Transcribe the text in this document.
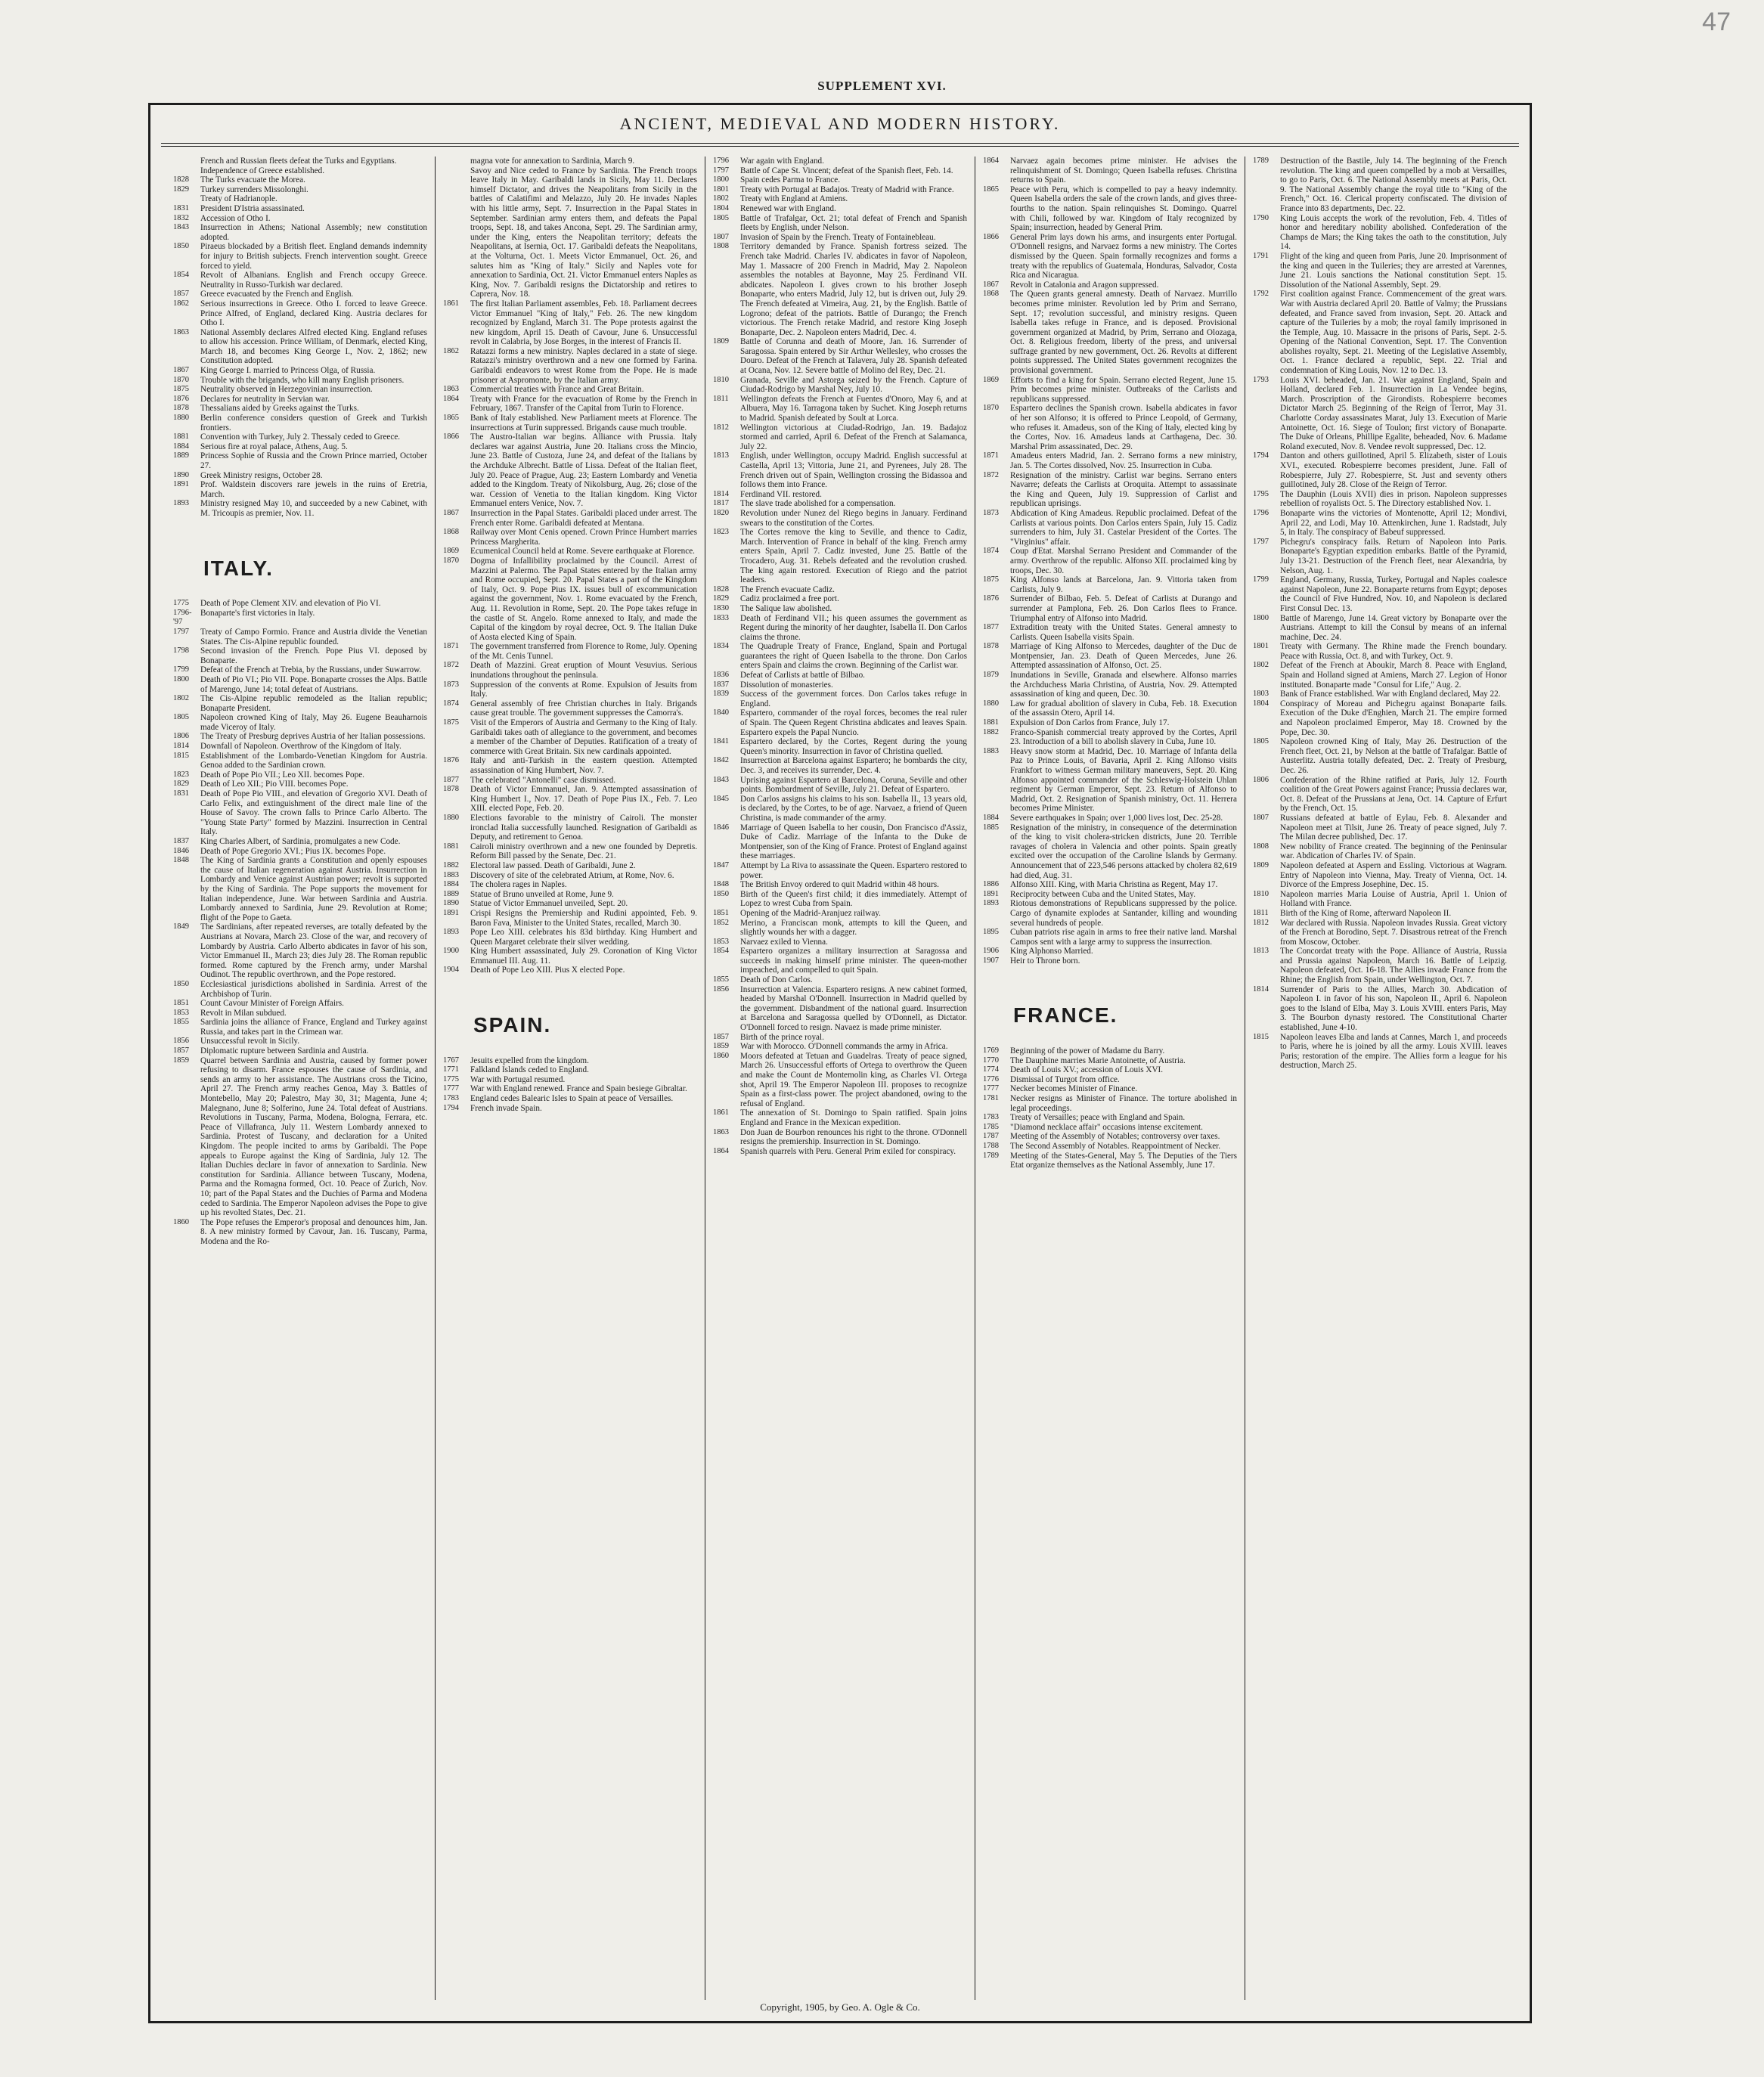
47
SUPPLEMENT XVI.
ANCIENT, MEDIEVAL AND MODERN HISTORY.
French and Russian fleets defeat the Turks and Egyptians.
Independence of Greece established.
1828	The Turks evacuate the Morea.
1829	Turkey surrenders Missolonghi.
Treaty of Hadrianople.
1831	President D'Istria assassinated.
1832	Accession of Otho I.
1843	Insurrection in Athens; National Assembly; new constitution adopted.
1850	Piraeus blockaded by a British fleet. England demands indemnity for injury to British subjects. French intervention sought. Greece forced to yield.
1854	Revolt of Albanians. English and French occupy Greece. Neutrality in Russo-Turkish war declared.
1857	Greece evacuated by the French and English.
1862	Serious insurrections in Greece. Otho I. forced to leave Greece. Prince Alfred, of England, declared King. Austria declares for Otho I.
1863	National Assembly declares Alfred elected King. England refuses to allow his accession. Prince William, of Denmark, elected King, March 18, and becomes King George I., Nov. 2, 1862; new Constitution adopted.
1867	King George I. married to Princess Olga, of Russia.
1870	Trouble with the brigands, who kill many English prisoners.
1875	Neutrality observed in Herzegovinian insurrection.
1876	Declares for neutrality in Servian war.
1878	Thessalians aided by Greeks against the Turks.
1880	Berlin conference considers question of Greek and Turkish frontiers.
1881	Convention with Turkey, July 2. Thessaly ceded to Greece.
1884	Serious fire at royal palace, Athens, Aug. 5.
1889	Princess Sophie of Russia and the Crown Prince married, October 27.
1890	Greek Ministry resigns, October 28.
1891	Prof. Waldstein discovers rare jewels in the ruins of Eretria, March.
1893	Ministry resigned May 10, and succeeded by a new Cabinet, with M. Tricoupis as premier, Nov. 11.
ITALY.
1775	Death of Pope Clement XIV. and elevation of Pio VI.
1796-'97
Bonaparte's first victories in Italy.
1797	Treaty of Campo Formio. France and Austria divide the Venetian States. The Cis-Alpine republic founded.
1798	Second invasion of the French. Pope Pius VI. deposed by Bonaparte.
1799	Defeat of the French at Trebia, by the Russians, under Suwarrow.
1800	Death of Pio VI.; Pio VII. Pope. Bonaparte crosses the Alps. Battle of Marengo, June 14; total defeat of Austrians.
1802	The Cis-Alpine republic remodeled as the Italian republic; Bonaparte President.
1805	Napoleon crowned King of Italy, May 26. Eugene Beauharnois made Viceroy of Italy.
1806	The Treaty of Presburg deprives Austria of her Italian possessions.
1814	Downfall of Napoleon. Overthrow of the Kingdom of Italy.
1815	Establishment of the Lombardo-Venetian Kingdom for Austria. Genoa added to the Sardinian crown.
1823	Death of Pope Pio VII.; Leo XII. becomes Pope.
1829	Death of Leo XII.; Pio VIII. becomes Pope.
1831	Death of Pope Pio VIII., and elevation of Gregorio XVI. Death of Carlo Felix, and extinguishment of the direct male line of the House of Savoy. The crown falls to Prince Carlo Alberto. The "Young State Party" formed by Mazzini. Insurrection in Central Italy.
1837	King Charles Albert, of Sardinia, promulgates a new Code.
1846	Death of Pope Gregorio XVI.; Pius IX. becomes Pope.
1848	The King of Sardinia grants a Constitution and openly espouses the cause of Italian regeneration against Austria. Insurrection in Lombardy and Venice against Austrian power; revolt is supported by the King of Sardinia. The Pope supports the movement for Italian independence, June. War between Sardinia and Austria. Lombardy annexed to Sardinia, June 29. Revolution at Rome; flight of the Pope to Gaeta.
1849	The Sardinians, after repeated reverses, are totally defeated by the Austrians at Novara, March 23. Close of the war, and recovery of Lombardy by Austria. Carlo Alberto abdicates in favor of his son, Victor Emmanuel II., March 23; dies July 28. The Roman republic formed. Rome captured by the French army, under Marshal Oudinot. The republic overthrown, and the Pope restored.
1850	Ecclesiastical jurisdictions abolished in Sardinia. Arrest of the Archbishop of Turin.
1851	Count Cavour Minister of Foreign Affairs.
1853	Revolt in Milan subdued.
1855	Sardinia joins the alliance of France, England and Turkey against Russia, and takes part in the Crimean war.
1856	Unsuccessful revolt in Sicily.
1857	Diplomatic rupture between Sardinia and Austria.
1859	Quarrel between Sardinia and Austria, caused by former power refusing to disarm. France espouses the cause of Sardinia, and sends an army to her assistance. The Austrians cross the Ticino, April 27. The French army reaches Genoa, May 3. Battles of Montebello, May 20; Palestro, May 30, 31; Magenta, June 4; Malegnano, June 8; Solferino, June 24. Total defeat of Austrians. Revolutions in Tuscany, Parma, Modena, Bologna, Ferrara, etc. Peace of Villafranca, July 11. Western Lombardy annexed to Sardinia. Protest of Tuscany, and declaration for a United Kingdom. The people incited to arms by Garibaldi. The Pope appeals to Europe against the King of Sardinia, July 12. The Italian Duchies declare in favor of annexation to Sardinia. New constitution for Sardinia. Alliance between Tuscany, Modena, Parma and the Romagna formed, Oct. 10. Peace of Zurich, Nov. 10; part of the Papal States and the Duchies of Parma and Modena ceded to Sardinia. The Emperor Napoleon advises the Pope to give up his revolted States, Dec. 21.
1860	The Pope refuses the Emperor's proposal and denounces him, Jan. 8. A new ministry formed by Cavour, Jan. 16. Tuscany, Parma, Modena and the Ro-
magna vote for annexation to Sardinia, March 9.
Savoy and Nice ceded to France by Sardinia. The French troops leave Italy in May. Garibaldi lands in Sicily, May 11. Declares himself Dictator, and drives the Neapolitans from Sicily in the battles of Calatifimi and Melazzo, July 20. He invades Naples with his little army, Sept. 7. Insurrection in the Papal States in September. Sardinian army enters them, and defeats the Papal troops, Sept. 18, and takes Ancona, Sept. 29. The Sardinian army, under the King, enters the Neapolitan territory; defeats the Neapolitans, at Isernia, Oct. 17. Garibaldi defeats the Neapolitans, at the Volturna, Oct. 1. Meets Victor Emmanuel, Oct. 26, and salutes him as "King of Italy." Sicily and Naples vote for annexation to Sardinia, Oct. 21. Victor Emmanuel enters Naples as King, Nov. 7. Garibaldi resigns the Dictatorship and retires to Caprera, Nov. 18.
1861	The first Italian Parliament assembles, Feb. 18. Parliament decrees Victor Emmanuel "King of Italy," Feb. 26. The new kingdom recognized by England, March 31. The Pope protests against the new kingdom, April 15. Death of Cavour, June 6. Unsuccessful revolt in Calabria, by Jose Borges, in the interest of Francis II.
1862	Ratazzi forms a new ministry. Naples declared in a state of siege. Ratazzi's ministry overthrown and a new one formed by Farina. Garibaldi endeavors to wrest Rome from the Pope. He is made prisoner at Aspromonte, by the Italian army.
1863	Commercial treaties with France and Great Britain.
1864	Treaty with France for the evacuation of Rome by the French in February, 1867. Transfer of the Capital from Turin to Florence.
1865	Bank of Italy established. New Parliament meets at Florence. The insurrections at Turin suppressed. Brigands cause much trouble.
1866	The Austro-Italian war begins. Alliance with Prussia. Italy declares war against Austria, June 20. Italians cross the Mincio, June 23. Battle of Custoza, June 24, and defeat of the Italians by the Archduke Albrecht. Battle of Lissa. Defeat of the Italian fleet, July 20. Peace of Prague, Aug. 23; Eastern Lombardy and Venetia added to the Kingdom. Treaty of Nikolsburg, Aug. 26; close of the war. Cession of Venetia to the Italian kingdom. King Victor Emmanuel enters Venice, Nov. 7.
1867	Insurrection in the Papal States. Garibaldi placed under arrest. The French enter Rome. Garibaldi defeated at Mentana.
1868	Railway over Mont Cenis opened. Crown Prince Humbert marries Princess Margherita.
1869	Ecumenical Council held at Rome. Severe earthquake at Florence.
1870	Dogma of Infallibility proclaimed by the Council. Arrest of Mazzini at Palermo. The Papal States entered by the Italian army and Rome occupied, Sept. 20. Papal States a part of the Kingdom of Italy, Oct. 9. Pope Pius IX. issues bull of excommunication against the government, Nov. 1. Rome evacuated by the French, Aug. 11. Revolution in Rome, Sept. 20. The Pope takes refuge in the castle of St. Angelo. Rome annexed to Italy, and made the Capital of the kingdom by royal decree, Oct. 9. The Italian Duke of Aosta elected King of Spain.
1871	The government transferred from Florence to Rome, July. Opening of the Mt. Cenis Tunnel.
1872	Death of Mazzini. Great eruption of Mount Vesuvius. Serious inundations throughout the peninsula.
1873	Suppression of the convents at Rome. Expulsion of Jesuits from Italy.
1874	General assembly of free Christian churches in Italy. Brigands cause great trouble. The government suppresses the Camorra's.
1875	Visit of the Emperors of Austria and Germany to the King of Italy. Garibaldi takes oath of allegiance to the government, and becomes a member of the Chamber of Deputies. Ratification of a treaty of commerce with Great Britain. Six new cardinals appointed.
1876	Italy and anti-Turkish in the eastern question. Attempted assassination of King Humbert, Nov. 7.
1877	The celebrated "Antonelli" case dismissed.
1878	Death of Victor Emmanuel, Jan. 9. Attempted assassination of King Humbert I., Nov. 17. Death of Pope Pius IX., Feb. 7. Leo XIII. elected Pope, Feb. 20.
1880	Elections favorable to the ministry of Cairoli. The monster ironclad Italia successfully launched. Resignation of Garibaldi as Deputy, and retirement to Genoa.
1881	Cairoli ministry overthrown and a new one founded by Depretis. Reform Bill passed by the Senate, Dec. 21.
1882	Electoral law passed. Death of Garibaldi, June 2.
1883	Discovery of site of the celebrated Atrium, at Rome, Nov. 6.
1884	The cholera rages in Naples.
1889	Statue of Bruno unveiled at Rome, June 9.
1890	Statue of Victor Emmanuel unveiled, Sept. 20.
1891	Crispi Resigns the Premiership and Rudini appointed, Feb. 9. Baron Fava, Minister to the United States, recalled, March 30.
1893	Pope Leo XIII. celebrates his 83d birthday. King Humbert and Queen Margaret celebrate their silver wedding.
1900	King Humbert assassinated, July 29. Coronation of King Victor Emmanuel III. Aug. 11.
1904	Death of Pope Leo XIII. Pius X elected Pope.
SPAIN.
1767	Jesuits expelled from the kingdom.
1771	Falkland Islands ceded to England.
1775	War with Portugal resumed.
1777	War with England renewed. France and Spain besiege Gibraltar.
1783	England cedes Balearic Isles to Spain at peace of Versailles.
1794	French invade Spain.
1796	War again with England.
1797	Battle of Cape St. Vincent; defeat of the Spanish fleet, Feb. 14.
1800	Spain cedes Parma to France.
1801	Treaty with Portugal at Badajos. Treaty of Madrid with France.
1802	Treaty with England at Amiens.
1804	Renewed war with England.
1805	Battle of Trafalgar, Oct. 21; total defeat of French and Spanish fleets by English, under Nelson.
1807	Invasion of Spain by the French. Treaty of Fontainebleau.
1808	Territory demanded by France. Spanish fortress seized. The French take Madrid. Charles IV. abdicates in favor of Napoleon, May 1. Massacre of 200 French in Madrid, May 2. Napoleon assembles the notables at Bayonne, May 25. Ferdinand VII. abdicates. Napoleon I. gives crown to his brother Joseph Bonaparte, who enters Madrid, July 12, but is driven out, July 29. The French defeated at Vimeira, Aug. 21, by the English. Battle of Logrono; defeat of the patriots. Battle of Durango; the French victorious. The French retake Madrid, and restore King Joseph Bonaparte, Dec. 2. Napoleon enters Madrid, Dec. 4.
1809	Battle of Corunna and death of Moore, Jan. 16. Surrender of Saragossa. Spain entered by Sir Arthur Wellesley, who crosses the Douro. Defeat of the French at Talavera, July 28. Spanish defeated at Ocana, Nov. 12. Severe battle of Molino del Rey, Dec. 21.
1810	Granada, Seville and Astorga seized by the French. Capture of Ciudad-Rodrigo by Marshal Ney, July 10.
1811	Wellington defeats the French at Fuentes d'Onoro, May 6, and at Albuera, May 16. Tarragona taken by Suchet. King Joseph returns to Madrid. Spanish defeated by Soult at Lorca.
1812	Wellington victorious at Ciudad-Rodrigo, Jan. 19. Badajoz stormed and carried, April 6. Defeat of the French at Salamanca, July 22.
1813	English, under Wellington, occupy Madrid. English successful at Castella, April 13; Vittoria, June 21, and Pyrenees, July 28. The French driven out of Spain, Wellington crossing the Bidassoa and follows them into France.
1814	Ferdinand VII. restored.
1817	The slave trade abolished for a compensation.
1820	Revolution under Nunez del Riego begins in January. Ferdinand swears to the constitution of the Cortes.
1823	The Cortes remove the king to Seville, and thence to Cadiz, March. Intervention of France in behalf of the king. French army enters Spain, April 7. Cadiz invested, June 25. Battle of the Trocadero, Aug. 31. Rebels defeated and the revolution crushed. The king again restored. Execution of Riego and the patriot leaders.
1828	The French evacuate Cadiz.
1829	Cadiz proclaimed a free port.
1830	The Salique law abolished.
1833	Death of Ferdinand VII.; his queen assumes the government as Regent during the minority of her daughter, Isabella II. Don Carlos claims the throne.
1834	The Quadruple Treaty of France, England, Spain and Portugal guarantees the right of Queen Isabella to the throne. Don Carlos enters Spain and claims the crown. Beginning of the Carlist war.
1836	Defeat of Carlists at battle of Bilbao.
1837	Dissolution of monasteries.
1839	Success of the government forces. Don Carlos takes refuge in England.
1840	Espartero, commander of the royal forces, becomes the real ruler of Spain. The Queen Regent Christina abdicates and leaves Spain. Espartero expels the Papal Nuncio.
1841	Espartero declared, by the Cortes, Regent during the young Queen's minority. Insurrection in favor of Christina quelled.
1842	Insurrection at Barcelona against Espartero; he bombards the city, Dec. 3, and receives its surrender, Dec. 4.
1843	Uprising against Espartero at Barcelona, Coruna, Seville and other points. Bombardment of Seville, July 21. Defeat of Espartero.
1845	Don Carlos assigns his claims to his son. Isabella II., 13 years old, is declared, by the Cortes, to be of age. Narvaez, a friend of Queen Christina, is made commander of the army.
1846	Marriage of Queen Isabella to her cousin, Don Francisco d'Assiz, Duke of Cadiz. Marriage of the Infanta to the Duke de Montpensier, son of the King of France. Protest of England against these marriages.
1847	Attempt by La Riva to assassinate the Queen. Espartero restored to power.
1848	The British Envoy ordered to quit Madrid within 48 hours.
1850	Birth of the Queen's first child; it dies immediately. Attempt of Lopez to wrest Cuba from Spain.
1851	Opening of the Madrid-Aranjuez railway.
1852	Merino, a Franciscan monk, attempts to kill the Queen, and slightly wounds her with a dagger.
1853	Narvaez exiled to Vienna.
1854	Espartero organizes a military insurrection at Saragossa and succeeds in making himself prime minister. The queen-mother impeached, and compelled to quit Spain.
1855	Death of Don Carlos.
1856	Insurrection at Valencia. Espartero resigns. A new cabinet formed, headed by Marshal O'Donnell. Insurrection in Madrid quelled by the government. Disbandment of the national guard. Insurrection at Barcelona and Saragossa quelled by O'Donnell, as Dictator. O'Donnell forced to resign. Navaez is made prime minister.
1857	Birth of the prince royal.
1859	War with Morocco. O'Donnell commands the army in Africa.
1860	Moors defeated at Tetuan and Guadelras. Treaty of peace signed, March 26. Unsuccessful efforts of Ortega to overthrow the Queen and make the Count de Montemolin king, as Charles VI. Ortega shot, April 19. The Emperor Napoleon III. proposes to recognize Spain as a first-class power. The project abandoned, owing to the refusal of England.
1861	The annexation of St. Domingo to Spain ratified. Spain joins England and France in the Mexican expedition.
1863	Don Juan de Bourbon renounces his right to the throne. O'Donnell resigns the premiership. Insurrection in St. Domingo.
1864	Spanish quarrels with Peru. General Prim exiled for conspiracy.
1864	Narvaez again becomes prime minister. He advises the relinquishment of St. Domingo; Queen Isabella refuses. Christina returns to Spain.
1865	Peace with Peru, which is compelled to pay a heavy indemnity. Queen Isabella orders the sale of the crown lands, and gives three-fourths to the nation. Spain relinquishes St. Domingo. Quarrel with Chili, followed by war. Kingdom of Italy recognized by Spain; insurrection, headed by General Prim.
1866	General Prim lays down his arms, and insurgents enter Portugal. O'Donnell resigns, and Narvaez forms a new ministry. The Cortes dismissed by the Queen. Spain formally recognizes and forms a treaty with the republics of Guatemala, Honduras, Salvador, Costa Rica and Nicaragua.
1867	Revolt in Catalonia and Aragon suppressed.
1868	The Queen grants general amnesty. Death of Narvaez. Murrillo becomes prime minister. Revolution led by Prim and Serrano, Sept. 17; revolution successful, and ministry resigns. Queen Isabella takes refuge in France, and is deposed. Provisional government organized at Madrid, by Prim, Serrano and Olozaga, Oct. 8. Religious freedom, liberty of the press, and universal suffrage granted by new government, Oct. 26. Revolts at different points suppressed. The United States government recognizes the provisional government.
1869	Efforts to find a king for Spain. Serrano elected Regent, June 15. Prim becomes prime minister. Outbreaks of the Carlists and republicans suppressed.
1870	Espartero declines the Spanish crown. Isabella abdicates in favor of her son Alfonso; it is offered to Prince Leopold, of Germany, who refuses it. Amadeus, son of the King of Italy, elected king by the Cortes, Nov. 16. Amadeus lands at Carthagena, Dec. 30. Marshal Prim assassinated, Dec. 29.
1871	Amadeus enters Madrid, Jan. 2. Serrano forms a new ministry, Jan. 5. The Cortes dissolved, Nov. 25. Insurrection in Cuba.
1872	Resignation of the ministry. Carlist war begins. Serrano enters Navarre; defeats the Carlists at Oroquita. Attempt to assassinate the King and Queen, July 19. Suppression of Carlist and republican uprisings.
1873	Abdication of King Amadeus. Republic proclaimed. Defeat of the Carlists at various points. Don Carlos enters Spain, July 15. Cadiz surrenders to him, July 31. Castelar President of the Cortes. The "Virginius" affair.
1874	Coup d'Etat. Marshal Serrano President and Commander of the army. Overthrow of the republic. Alfonso XII. proclaimed king by troops, Dec. 30.
1875	King Alfonso lands at Barcelona, Jan. 9. Vittoria taken from Carlists, July 9.
1876	Surrender of Bilbao, Feb. 5. Defeat of Carlists at Durango and surrender at Pamplona, Feb. 26. Don Carlos flees to France. Triumphal entry of Alfonso into Madrid.
1877	Extradition treaty with the United States. General amnesty to Carlists. Queen Isabella visits Spain.
1878	Marriage of King Alfonso to Mercedes, daughter of the Duc de Montpensier, Jan. 23. Death of Queen Mercedes, June 26. Attempted assassination of Alfonso, Oct. 25.
1879	Inundations in Seville, Granada and elsewhere. Alfonso marries the Archduchess Maria Christina, of Austria, Nov. 29. Attempted assassination of king and queen, Dec. 30.
1880	Law for gradual abolition of slavery in Cuba, Feb. 18. Execution of the assassin Otero, April 14.
1881	Expulsion of Don Carlos from France, July 17.
1882	Franco-Spanish commercial treaty approved by the Cortes, April 23. Introduction of a bill to abolish slavery in Cuba, June 10.
1883	Heavy snow storm at Madrid, Dec. 10. Marriage of Infanta della Paz to Prince Louis, of Bavaria, April 2. King Alfonso visits Frankfort to witness German military maneuvers, Sept. 20. King Alfonso appointed commander of the Schleswig-Holstein Uhlan regiment by German Emperor, Sept. 23. Return of Alfonso to Madrid, Oct. 2. Resignation of Spanish ministry, Oct. 11. Herrera becomes Prime Minister.
1884	Severe earthquakes in Spain; over 1,000 lives lost, Dec. 25-28.
1885	Resignation of the ministry, in consequence of the determination of the king to visit cholera-stricken districts, June 20. Terrible ravages of cholera in Valencia and other points. Spain greatly excited over the occupation of the Caroline Islands by Germany. Announcement that of 223,546 persons attacked by cholera 82,619 had died, Aug. 31.
1886	Alfonso XIII. King, with Maria Christina as Regent, May 17.
1891	Reciprocity between Cuba and the United States, May.
1893	Riotous demonstrations of Republicans suppressed by the police. Cargo of dynamite explodes at Santander, killing and wounding several hundreds of people.
1895	Cuban patriots rise again in arms to free their native land. Marshal Campos sent with a large army to suppress the insurrection.
1906	King Alphonso Married.
1907	Heir to Throne born.
FRANCE.
1769	Beginning of the power of Madame du Barry.
1770	The Dauphine marries Marie Antoinette, of Austria.
1774	Death of Louis XV.; accession of Louis XVI.
1776	Dismissal of Turgot from office.
1777	Necker becomes Minister of Finance.
1781	Necker resigns as Minister of Finance. The torture abolished in legal proceedings.
1783	Treaty of Versailles; peace with England and Spain.
1785	"Diamond necklace affair" occasions intense excitement.
1787	Meeting of the Assembly of Notables; controversy over taxes.
1788	The Second Assembly of Notables. Reappointment of Necker.
1789	Meeting of the States-General, May 5. The Deputies of the Tiers Etat organize themselves as the National Assembly, June 17.
1789	Destruction of the Bastile, July 14. The beginning of the French revolution. The king and queen compelled by a mob at Versailles, to go to Paris, Oct. 6. The National Assembly meets at Paris, Oct. 9. The National Assembly change the royal title to "King of the French," Oct. 16. Clerical property confiscated. The division of France into 83 departments, Dec. 22.
1790	King Louis accepts the work of the revolution, Feb. 4. Titles of honor and hereditary nobility abolished. Confederation of the Champs de Mars; the King takes the oath to the constitution, July 14.
1791	Flight of the king and queen from Paris, June 20. Imprisonment of the king and queen in the Tuileries; they are arrested at Varennes, June 21. Louis sanctions the National constitution Sept. 15. Dissolution of the National Assembly, Sept. 29.
1792	First coalition against France. Commencement of the great wars. War with Austria declared April 20. Battle of Valmy; the Prussians defeated, and France saved from invasion, Sept. 20. Attack and capture of the Tuileries by a mob; the royal family imprisoned in the Temple, Aug. 10. Massacre in the prisons of Paris, Sept. 2-5. Opening of the National Convention, Sept. 17. The Convention abolishes royalty, Sept. 21. Meeting of the Legislative Assembly, Oct. 1. France declared a republic, Sept. 22. Trial and condemnation of King Louis, Nov. 12 to Dec. 13.
1793	Louis XVI. beheaded, Jan. 21. War against England, Spain and Holland, declared Feb. 1. Insurrection in La Vendee begins, March. Proscription of the Girondists. Robespierre becomes Dictator March 25. Beginning of the Reign of Terror, May 31. Charlotte Corday assassinates Marat, July 13. Execution of Marie Antoinette, Oct. 16. Siege of Toulon; first victory of Bonaparte. The Duke of Orleans, Phillipe Egalite, beheaded, Nov. 6. Madame Roland executed, Nov. 8. Vendee revolt suppressed, Dec. 12.
1794	Danton and others guillotined, April 5. Elizabeth, sister of Louis XVI., executed. Robespierre becomes president, June. Fall of Robespierre, July 27. Robespierre, St. Just and seventy others guillotined, July 28. Close of the Reign of Terror.
1795	The Dauphin (Louis XVII) dies in prison. Napoleon suppresses rebellion of royalists Oct. 5. The Directory established Nov. 1.
1796	Bonaparte wins the victories of Montenotte, April 12; Mondivi, April 22, and Lodi, May 10. Attenkirchen, June 1. Radstadt, July 5, in Italy. The conspiracy of Babeuf suppressed.
1797	Pichegru's conspiracy fails. Return of Napoleon into Paris. Bonaparte's Egyptian expedition embarks. Battle of the Pyramid, July 13-21. Destruction of the French fleet, near Alexandria, by Nelson, Aug. 1.
1799	England, Germany, Russia, Turkey, Portugal and Naples coalesce against Napoleon, June 22. Bonaparte returns from Egypt; deposes the Council of Five Hundred, Nov. 10, and Napoleon is declared First Consul Dec. 13.
1800	Battle of Marengo, June 14. Great victory by Bonaparte over the Austrians. Attempt to kill the Consul by means of an infernal machine, Dec. 24.
1801	Treaty with Germany. The Rhine made the French boundary. Peace with Russia, Oct. 8, and with Turkey, Oct. 9.
1802	Defeat of the French at Aboukir, March 8. Peace with England, Spain and Holland signed at Amiens, March 27. Legion of Honor instituted. Bonaparte made "Consul for Life," Aug. 2.
1803	Bank of France established. War with England declared, May 22.
1804	Conspiracy of Moreau and Pichegru against Bonaparte fails. Execution of the Duke d'Enghien, March 21. The empire formed and Napoleon proclaimed Emperor, May 18. Crowned by the Pope, Dec. 30.
1805	Napoleon crowned King of Italy, May 26. Destruction of the French fleet, Oct. 21, by Nelson at the battle of Trafalgar. Battle of Austerlitz. Austria totally defeated, Dec. 2. Treaty of Presburg, Dec. 26.
1806	Confederation of the Rhine ratified at Paris, July 12. Fourth coalition of the Great Powers against France; Prussia declares war, Oct. 8. Defeat of the Prussians at Jena, Oct. 14. Capture of Erfurt by the French, Oct. 15.
1807	Russians defeated at battle of Eylau, Feb. 8. Alexander and Napoleon meet at Tilsit, June 26. Treaty of peace signed, July 7. The Milan decree published, Dec. 17.
1808	New nobility of France created. The beginning of the Peninsular war. Abdication of Charles IV. of Spain.
1809	Napoleon defeated at Aspern and Essling. Victorious at Wagram. Entry of Napoleon into Vienna, May. Treaty of Vienna, Oct. 14. Divorce of the Empress Josephine, Dec. 15.
1810	Napoleon marries Maria Louise of Austria, April 1. Union of Holland with France.
1811	Birth of the King of Rome, afterward Napoleon II.
1812	War declared with Russia. Napoleon invades Russia. Great victory of the French at Borodino, Sept. 7. Disastrous retreat of the French from Moscow, October.
1813	The Concordat treaty with the Pope. Alliance of Austria, Russia and Prussia against Napoleon, March 16. Battle of Leipzig. Napoleon defeated, Oct. 16-18. The Allies invade France from the Rhine; the English from Spain, under Wellington, Oct. 7.
1814	Surrender of Paris to the Allies, March 30. Abdication of Napoleon I. in favor of his son, Napoleon II., April 6. Napoleon goes to the Island of Elba, May 3. Louis XVIII. enters Paris, May 3. The Bourbon dynasty restored. The Constitutional Charter established, June 4-10.
1815	Napoleon leaves Elba and lands at Cannes, March 1, and proceeds to Paris, where he is joined by all the army. Louis XVIII. leaves Paris; restoration of the empire. The Allies form a league for his destruction, March 25.
Copyright, 1905, by Geo. A. Ogle & Co.
